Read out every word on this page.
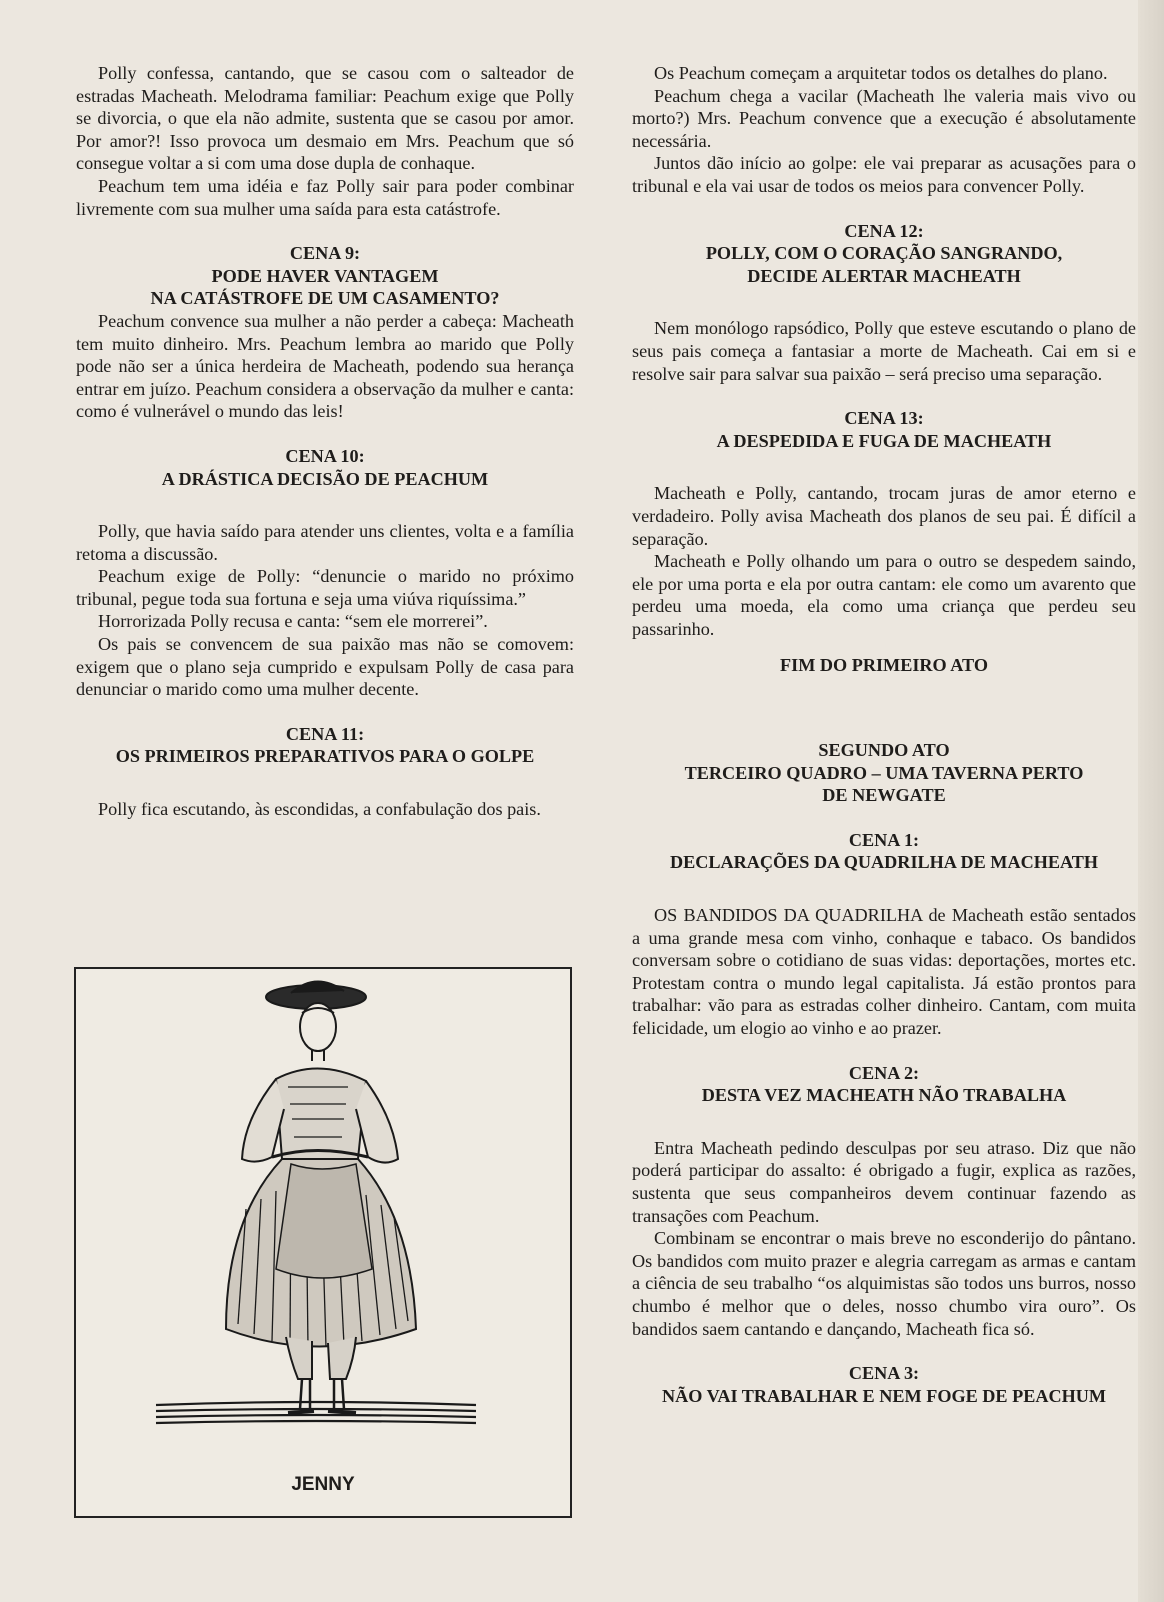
Polly confessa, cantando, que se casou com o salteador de estradas Macheath. Melodrama familiar: Peachum exige que Polly se divorcia, o que ela não admite, sustenta que se casou por amor. Por amor?! Isso provoca um desmaio em Mrs. Peachum que só consegue voltar a si com uma dose dupla de conhaque.

Peachum tem uma idéia e faz Polly sair para poder combinar livremente com sua mulher uma saída para esta catástrofe.

CENA 9:
PODE HAVER VANTAGEM
NA CATÁSTROFE DE UM CASAMENTO?

Peachum convence sua mulher a não perder a cabeça: Macheath tem muito dinheiro. Mrs. Peachum lembra ao marido que Polly pode não ser a única herdeira de Macheath, podendo sua herança entrar em juízo. Peachum considera a observação da mulher e canta: como é vulnerável o mundo das leis!

CENA 10:
A DRÁSTICA DECISÃO DE PEACHUM

Polly, que havia saído para atender uns clientes, volta e a família retoma a discussão.

Peachum exige de Polly: “denuncie o marido no próximo tribunal, pegue toda sua fortuna e seja uma viúva riquíssima.”

Horrorizada Polly recusa e canta: “sem ele morrerei”.

Os pais se convencem de sua paixão mas não se comovem: exigem que o plano seja cumprido e expulsam Polly de casa para denunciar o marido como uma mulher decente.

CENA 11:
OS PRIMEIROS PREPARATIVOS PARA O GOLPE

Polly fica escutando, às escondidas, a confabulação dos pais.

JENNY

Os Peachum começam a arquitetar todos os detalhes do plano.

Peachum chega a vacilar (Macheath lhe valeria mais vivo ou morto?) Mrs. Peachum convence que a execução é absolutamente necessária.

Juntos dão início ao golpe: ele vai preparar as acusações para o tribunal e ela vai usar de todos os meios para convencer Polly.

CENA 12:
POLLY, COM O CORAÇÃO SANGRANDO,
DECIDE ALERTAR MACHEATH

Nem monólogo rapsódico, Polly que esteve escutando o plano de seus pais começa a fantasiar a morte de Macheath. Cai em si e resolve sair para salvar sua paixão – será preciso uma separação.

CENA 13:
A DESPEDIDA E FUGA DE MACHEATH

Macheath e Polly, cantando, trocam juras de amor eterno e verdadeiro. Polly avisa Macheath dos planos de seu pai. É difícil a separação.

Macheath e Polly olhando um para o outro se despedem saindo, ele por uma porta e ela por outra cantam: ele como um avarento que perdeu uma moeda, ela como uma criança que perdeu seu passarinho.

FIM DO PRIMEIRO ATO
SEGUNDO ATO
TERCEIRO QUADRO – UMA TAVERNA PERTO
DE NEWGATE
CENA 1:
DECLARAÇÕES DA QUADRILHA DE MACHEATH

OS BANDIDOS DA QUADRILHA de Macheath estão sentados a uma grande mesa com vinho, conhaque e tabaco. Os bandidos conversam sobre o cotidiano de suas vidas: deportações, mortes etc. Protestam contra o mundo legal capitalista. Já estão prontos para trabalhar: vão para as estradas colher dinheiro. Cantam, com muita felicidade, um elogio ao vinho e ao prazer.

CENA 2:
DESTA VEZ MACHEATH NÃO TRABALHA

Entra Macheath pedindo desculpas por seu atraso. Diz que não poderá participar do assalto: é obrigado a fugir, explica as razões, sustenta que seus companheiros devem continuar fazendo as transações com Peachum.

Combinam se encontrar o mais breve no esconderijo do pântano. Os bandidos com muito prazer e alegria carregam as armas e cantam a ciência de seu trabalho “os alquimistas são todos uns burros, nosso chumbo é melhor que o deles, nosso chumbo vira ouro”. Os bandidos saem cantando e dançando, Macheath fica só.

CENA 3:
NÃO VAI TRABALHAR E NEM FOGE DE PEACHUM
